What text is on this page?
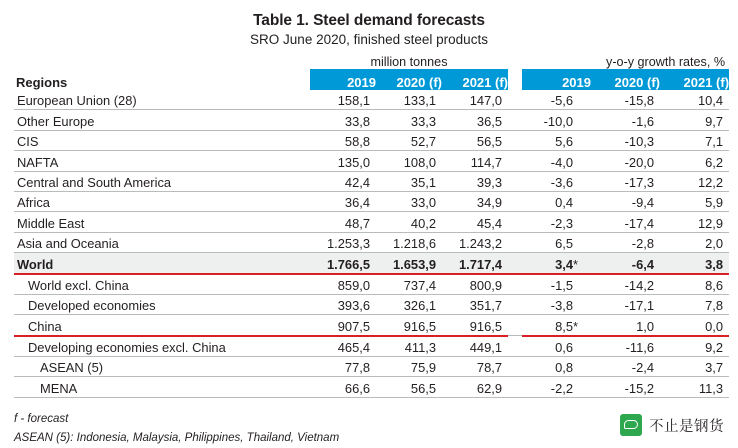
Table 1. Steel demand forecasts
SRO June 2020, finished steel products
	million tonnes				y-o-y growth rates, %		
Regions	2019	2020 (f)	2021 (f)		2019	2020 (f)	2021 (f)
European Union (28)	158,1	133,1	147,0		-5,6	-15,8	10,4
Other Europe	33,8	33,3	36,5		-10,0	-1,6	9,7
CIS	58,8	52,7	56,5		5,6	-10,3	7,1
NAFTA	135,0	108,0	114,7		-4,0	-20,0	6,2
Central and South America	42,4	35,1	39,3		-3,6	-17,3	12,2
Africa	36,4	33,0	34,9		0,4	-9,4	5,9
Middle East	48,7	40,2	45,4		-2,3	-17,4	12,9
Asia and Oceania	1.253,3	1.218,6	1.243,2		6,5	-2,8	2,0
World	1.766,5	1.653,9	1.717,4		3,4*	-6,4	3,8
World excl. China	859,0	737,4	800,9		-1,5	-14,2	8,6
Developed economies	393,6	326,1	351,7		-3,8	-17,1	7,8
China	907,5	916,5	916,5		8,5*	1,0	0,0
Developing economies excl. China	465,4	411,3	449,1		0,6	-11,6	9,2
ASEAN (5)	77,8	75,9	78,7		0,8	-2,4	3,7
MENA	66,6	56,5	62,9		-2,2	-15,2	11,3
f - forecast
ASEAN (5): Indonesia, Malaysia, Philippines, Thailand, Vietnam
不止是钢货
